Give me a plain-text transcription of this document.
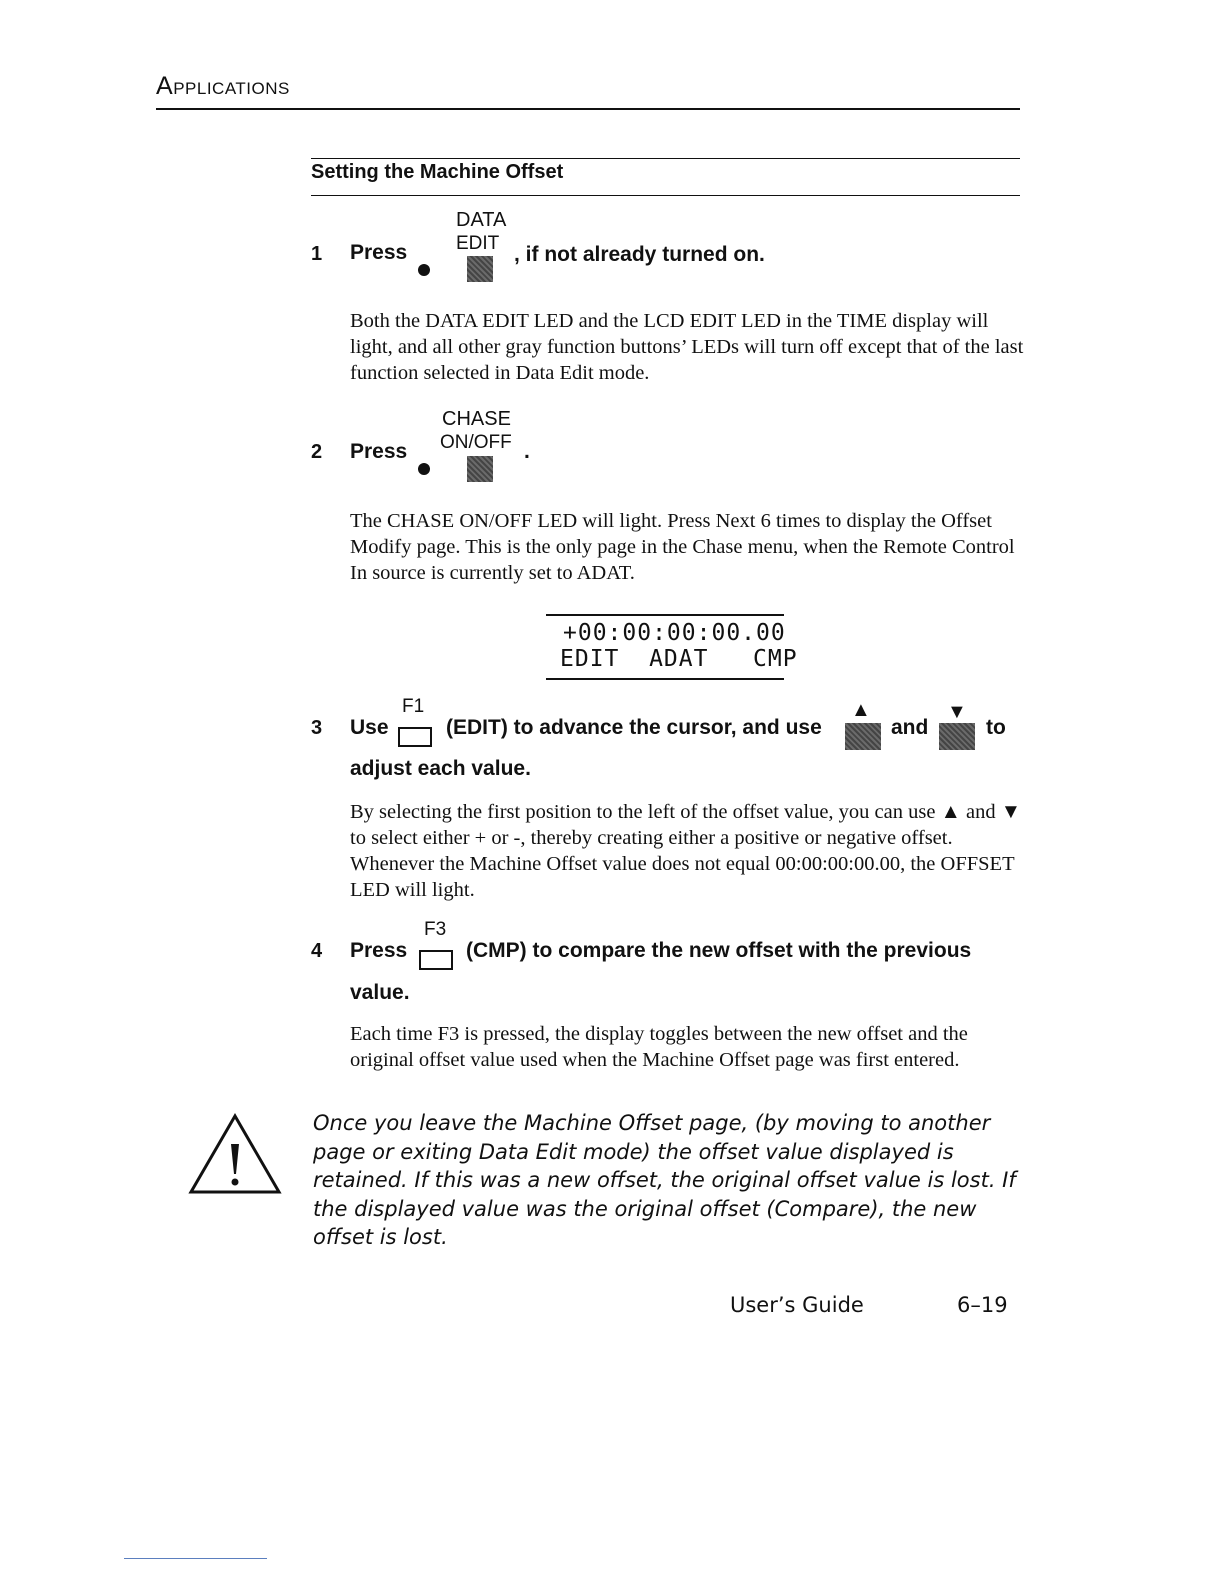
APPLICATIONS
Setting the Machine Offset
1 Press
DATA
EDIT , if not already turned on.
Both the DATA EDIT LED and the LCD EDIT LED in the TIME display will light, and all other gray function buttons’ LEDs will turn off except that of the last function selected in Data Edit mode.
2 Press
CHASE
ON/OFF .
The CHASE ON/OFF LED will light. Press Next 6 times to display the Offset Modify page. This is the only page in the Chase menu, when the Remote Control In source is currently set to ADAT.
+00:00:00:00.00
EDIT  ADAT   CMP
3 Use
F1
(EDIT) to advance the cursor, and use
▲
and
▼
to
adjust each value.
By selecting the first position to the left of the offset value, you can use ▲ and ▼ to select either + or -, thereby creating either a positive or negative offset. Whenever the Machine Offset value does not equal 00:00:00:00.00, the OFFSET LED will light.
4 Press
F3
(CMP) to compare the new offset with the previous
value.
Each time F3 is pressed, the display toggles between the new offset and the original offset value used when the Machine Offset page was first entered.
Once you leave the Machine Offset page, (by moving to another page or exiting Data Edit mode) the offset value displayed is retained. If this was a new offset, the original offset value is lost. If the displayed value was the original offset (Compare), the new offset is lost.
User’s Guide	6–19
